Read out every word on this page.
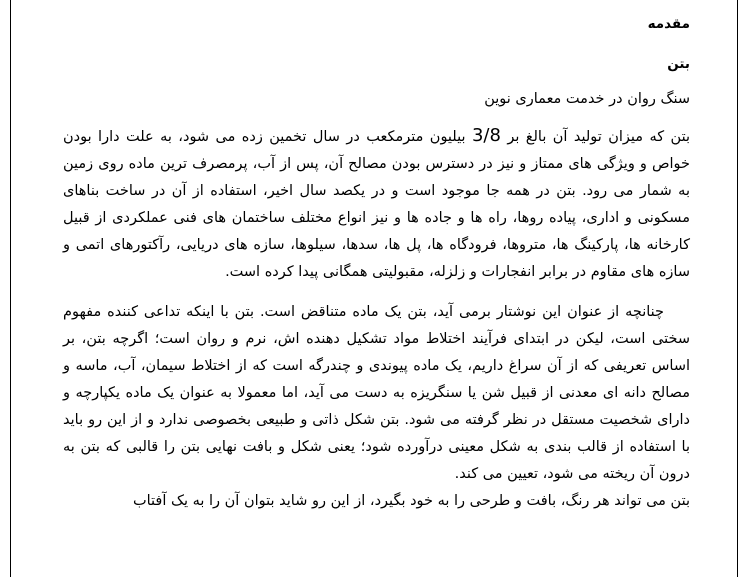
مقدمه
بتن
سنگ روان در خدمت معماری نوین

بتن که میزان تولید آن بالغ بر 3/8 بیلیون مترمکعب در سال تخمین زده می شود، به علت دارا بودن خواص و ویژگی های ممتاز و نیز در دسترس بودن مصالح آن، پس از آب، پرمصرف ترین ماده روی زمین به شمار می رود. بتن در همه جا موجود است و در یکصد سال اخیر، استفاده از آن در ساخت بناهای مسکونی و اداری، پیاده روها، راه ها و جاده ها و نیز انواع مختلف ساختمان های فنی عملکردی از قبیل کارخانه ها، پارکینگ ها، متروها، فرودگاه ها، پل ها، سدها، سیلوها، سازه های دریایی، رآکتورهای اتمی و سازه های مقاوم در برابر انفجارات و زلزله، مقبولیتی همگانی پیدا کرده است.

چنانچه از عنوان این نوشتار برمی آید، بتن یک ماده متناقض است. بتن با اینکه تداعی کننده مفهوم سختی است، لیکن در ابتدای فرآیند اختلاط مواد تشکیل دهنده اش، نرم و روان است؛ اگرچه بتن، بر اساس تعریفی که از آن سراغ داریم، یک ماده پیوندی و چندرگه است که از اختلاط سیمان، آب، ماسه و مصالح دانه ای معدنی از قبیل شن یا سنگریزه به دست می آید، اما معمولا به عنوان یک ماده یکپارچه و دارای شخصیت مستقل در نظر گرفته می شود. بتن شکل ذاتی و طبیعی بخصوصی ندارد و از این رو باید با استفاده از قالب بندی به شکل معینی درآورده شود؛ یعنی شکل و بافت نهایی بتن را قالبی که بتن به درون آن ریخته می شود، تعیین می کند.

بتن می تواند هر رنگ، بافت و طرحی را به خود بگیرد، از این رو شاید بتوان آن را به یک آفتاب
